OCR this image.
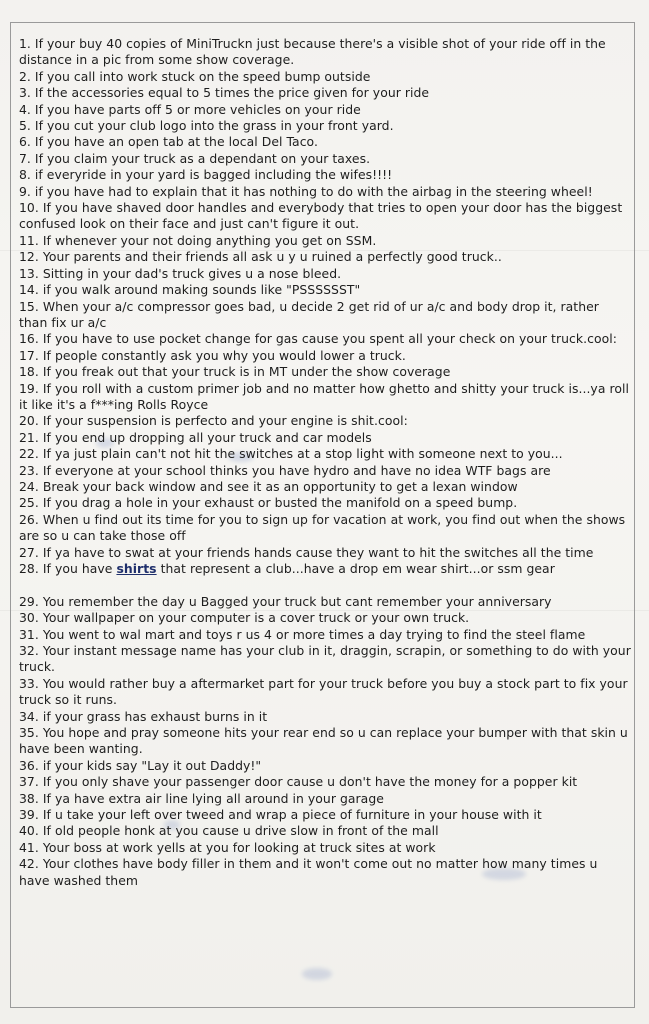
1. If your buy 40 copies of MiniTruckn just because there's a visible shot of your ride off in the distance in a pic from some show coverage.
2. If you call into work stuck on the speed bump outside
3. If the accessories equal to 5 times the price given for your ride
4. If you have parts off 5 or more vehicles on your ride
5. If you cut your club logo into the grass in your front yard.
6. If you have an open tab at the local Del Taco.
7. If you claim your truck as a dependant on your taxes.
8. if everyride in your yard is bagged including the wifes!!!!
9. if you have had to explain that it has nothing to do with the airbag in the steering wheel!
10. If you have shaved door handles and everybody that tries to open your door has the biggest confused look on their face and just can't figure it out.
11. If whenever your not doing anything you get on SSM.
12. Your parents and their friends all ask u y u ruined a perfectly good truck..
13. Sitting in your dad's truck gives u a nose bleed.
14. if you walk around making sounds like "PSSSSSST"
15. When your a/c compressor goes bad, u decide 2 get rid of ur a/c and body drop it, rather than fix ur a/c
16. If you have to use pocket change for gas cause you spent all your check on your truck.cool:
17. If people constantly ask you why you would lower a truck.
18. If you freak out that your truck is in MT under the show coverage
19. If you roll with a custom primer job and no matter how ghetto and shitty your truck is...ya roll it like it's a f***ing Rolls Royce
20. If your suspension is perfecto and your engine is shit.cool:
21. If you end up dropping all your truck and car models
22. If ya just plain can't not hit the switches at a stop light with someone next to you...
23. If everyone at your school thinks you have hydro and have no idea WTF bags are
24. Break your back window and see it as an opportunity to get a lexan window
25. If you drag a hole in your exhaust or busted the manifold on a speed bump.
26. When u find out its time for you to sign up for vacation at work, you find out when the shows are so u can take those off
27. If ya have to swat at your friends hands cause they want to hit the switches all the time
28. If you have shirts that represent a club...have a drop em wear shirt...or ssm gear
29. You remember the day u Bagged your truck but cant remember your anniversary
30. Your wallpaper on your computer is a cover truck or your own truck.
31. You went to wal mart and toys r us 4 or more times a day trying to find the steel flame
32. Your instant message name has your club in it, draggin, scrapin, or something to do with your truck.
33. You would rather buy a aftermarket part for your truck before you buy a stock part to fix your truck so it runs.
34. if your grass has exhaust burns in it
35. You hope and pray someone hits your rear end so u can replace your bumper with that skin u have been wanting.
36. if your kids say "Lay it out Daddy!"
37. If you only shave your passenger door cause u don't have the money for a popper kit
38. If ya have extra air line lying all around in your garage
39. If u take your left over tweed and wrap a piece of furniture in your house with it
40. If old people honk at you cause u drive slow in front of the mall
41. Your boss at work yells at you for looking at truck sites at work
42. Your clothes have body filler in them and it won't come out no matter how many times u have washed them
